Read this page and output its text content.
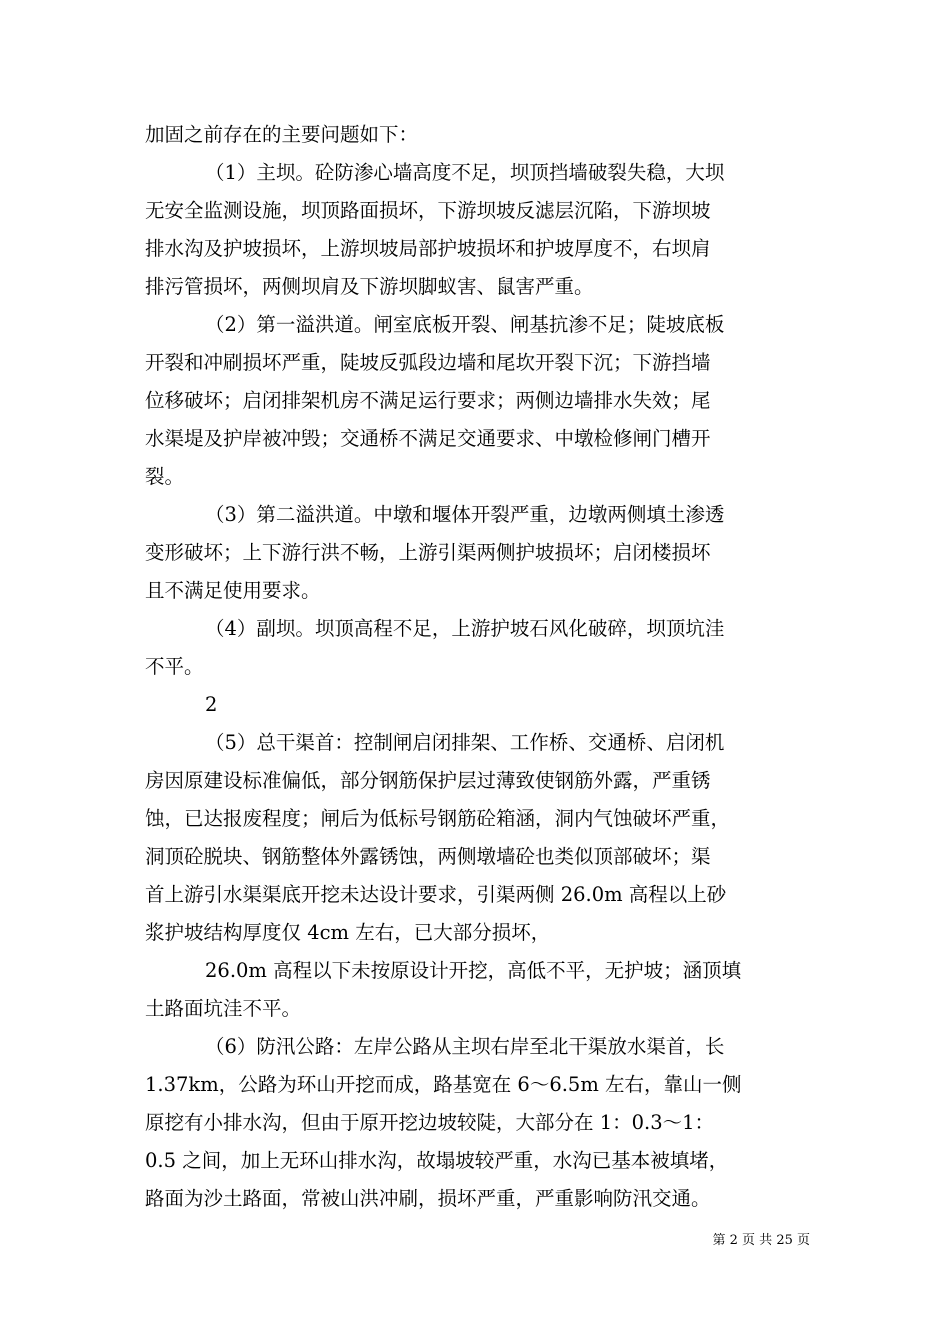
加固之前存在的主要问题如下：
（1）主坝。砼防渗心墙高度不足，坝顶挡墙破裂失稳，大坝
无安全监测设施，坝顶路面损坏，下游坝坡反滤层沉陷，下游坝坡
排水沟及护坡损坏，上游坝坡局部护坡损坏和护坡厚度不，右坝肩
排污管损坏，两侧坝肩及下游坝脚蚁害、鼠害严重。
（2）第一溢洪道。闸室底板开裂、闸基抗渗不足；陡坡底板
开裂和冲刷损坏严重，陡坡反弧段边墙和尾坎开裂下沉；下游挡墙
位移破坏；启闭排架机房不满足运行要求；两侧边墙排水失效；尾
水渠堤及护岸被冲毁；交通桥不满足交通要求、中墩检修闸门槽开
裂。
（3）第二溢洪道。中墩和堰体开裂严重，边墩两侧填土渗透
变形破坏；上下游行洪不畅，上游引渠两侧护坡损坏；启闭楼损坏
且不满足使用要求。
（4）副坝。坝顶高程不足，上游护坡石风化破碎，坝顶坑洼
不平。
2
（5）总干渠首：控制闸启闭排架、工作桥、交通桥、启闭机
房因原建设标准偏低，部分钢筋保护层过薄致使钢筋外露，严重锈
蚀，已达报废程度；闸后为低标号钢筋砼箱涵，洞内气蚀破坏严重，
洞顶砼脱块、钢筋整体外露锈蚀，两侧墩墙砼也类似顶部破坏；渠
首上游引水渠渠底开挖未达设计要求，引渠两侧 26.0m 高程以上砂
浆护坡结构厚度仅 4cm 左右，已大部分损坏，
26.0m 高程以下未按原设计开挖，高低不平，无护坡；涵顶填
土路面坑洼不平。
（6）防汛公路：左岸公路从主坝右岸至北干渠放水渠首，长
1.37km，公路为环山开挖而成，路基宽在 6～6.5m 左右，靠山一侧
原挖有小排水沟，但由于原开挖边坡较陡，大部分在 1：0.3～1：
0.5 之间，加上无环山排水沟，故塌坡较严重，水沟已基本被填堵，
路面为沙土路面，常被山洪冲刷，损坏严重，严重影响防汛交通。
第 2 页 共 25 页
